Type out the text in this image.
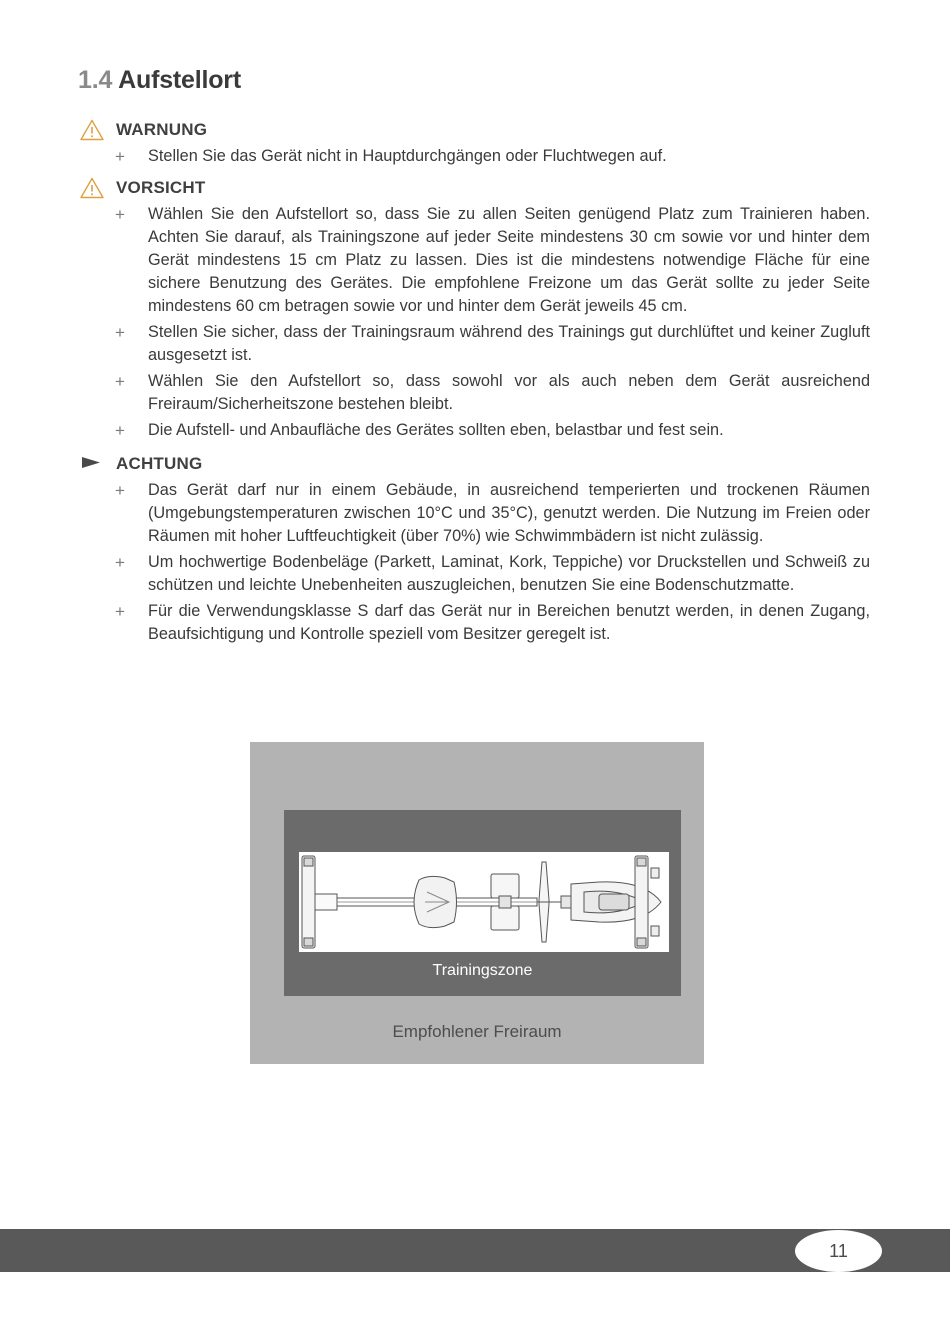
1.4 Aufstellort
WARNUNG
+ Stellen Sie das Gerät nicht in Hauptdurchgängen oder Fluchtwegen auf.
VORSICHT
+ Wählen Sie den Aufstellort so, dass Sie zu allen Seiten genügend Platz zum Trainieren haben. Achten Sie darauf, als Trainingszone auf jeder Seite mindestens 30 cm sowie vor und hinter dem Gerät mindestens 15 cm Platz zu lassen. Dies ist die mindestens notwendige Fläche für eine sichere Benutzung des Gerätes. Die empfohlene Freizone um das Gerät sollte zu jeder Seite mindestens 60 cm betragen sowie vor und hinter dem Gerät jeweils 45 cm.
+ Stellen Sie sicher, dass der Trainingsraum während des Trainings gut durchlüftet und keiner Zugluft ausgesetzt ist.
+ Wählen Sie den Aufstellort so, dass sowohl vor als auch neben dem Gerät ausreichend Freiraum/Sicherheitszone bestehen bleibt.
+ Die Aufstell- und Anbaufläche des Gerätes sollten eben, belastbar und fest sein.
ACHTUNG
+ Das Gerät darf nur in einem Gebäude, in ausreichend temperierten und trockenen Räumen (Umgebungstemperaturen zwischen 10°C und 35°C), genutzt werden. Die Nutzung im Freien oder Räumen mit hoher Luftfeuchtigkeit (über 70%) wie Schwimmbädern ist nicht zulässig.
+ Um hochwertige Bodenbeläge (Parkett, Laminat, Kork, Teppiche) vor Druckstellen und Schweiß zu schützen und leichte Unebenheiten auszugleichen, benutzen Sie eine Bodenschutzmatte.
+ Für die Verwendungsklasse S darf das Gerät nur in Bereichen benutzt werden, in denen Zugang, Beaufsichtigung und Kontrolle speziell vom Besitzer geregelt ist.
Trainingszone
Empfohlener Freiraum
11
